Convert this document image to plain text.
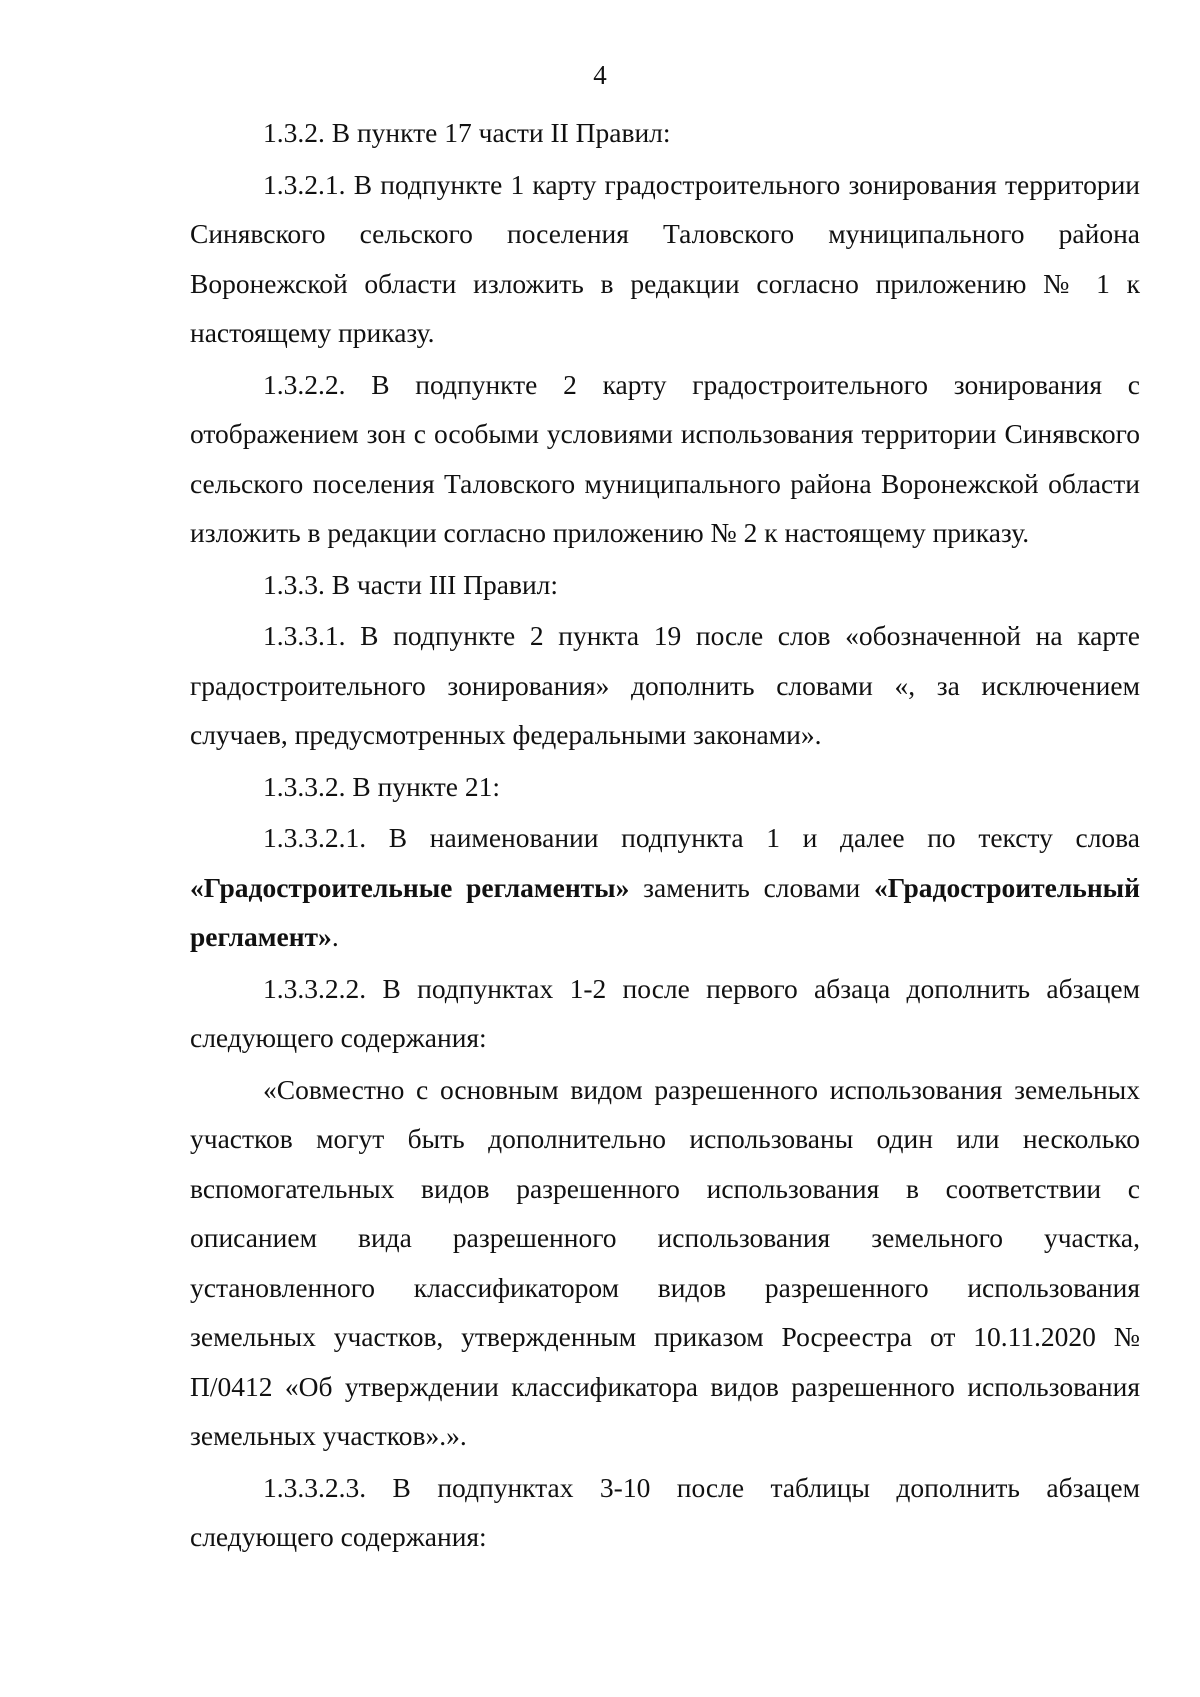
4

1.3.2. В пункте 17 части II Правил:

1.3.2.1. В подпункте 1 карту градостроительного зонирования территории Синявского сельского поселения Таловского муниципального района Воронежской области изложить в редакции согласно приложению № 1 к настоящему приказу.

1.3.2.2. В подпункте 2 карту градостроительного зонирования с отображением зон с особыми условиями использования территории Синявского сельского поселения Таловского муниципального района Воронежской области изложить в редакции согласно приложению № 2 к настоящему приказу.

1.3.3. В части III Правил:

1.3.3.1. В подпункте 2 пункта 19 после слов «обозначенной на карте градостроительного зонирования» дополнить словами «, за исключением случаев, предусмотренных федеральными законами».

1.3.3.2. В пункте 21:

1.3.3.2.1. В наименовании подпункта 1 и далее по тексту слова «Градостроительные регламенты» заменить словами «Градостроительный регламент».

1.3.3.2.2. В подпунктах 1-2 после первого абзаца дополнить абзацем следующего содержания:

«Совместно с основным видом разрешенного использования земельных участков могут быть дополнительно использованы один или несколько вспомогательных видов разрешенного использования в соответствии с описанием вида разрешенного использования земельного участка, установленного классификатором видов разрешенного использования земельных участков, утвержденным приказом Росреестра от 10.11.2020 № П/0412 «Об утверждении классификатора видов разрешенного использования земельных участков».».

1.3.3.2.3. В подпунктах 3-10 после таблицы дополнить абзацем следующего содержания:
